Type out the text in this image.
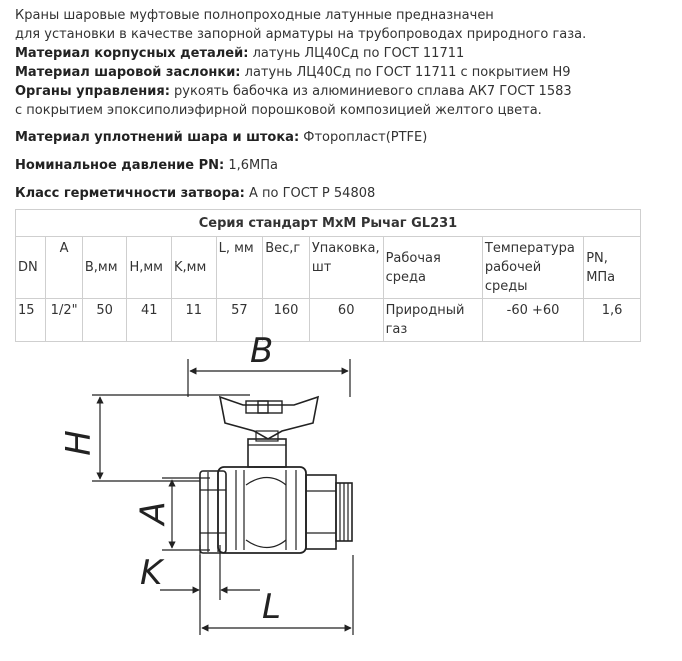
Краны шаровые муфтовые полнопроходные латунные предназначен

для установки в качестве запорной арматуры на трубопроводах природного газа.

Материал корпусных деталей: латунь ЛЦ40Сд по ГОСТ 11711

Материал шаровой заслонки: латунь ЛЦ40Сд по ГОСТ 11711 с покрытием Н9

Органы управления: рукоять бабочка из алюминиевого сплава АК7 ГОСТ 1583

с покрытием эпоксиполиэфирной порошковой композицией желтого цвета.

Материал уплотнений шара и штока: Фторопласт(PTFE)

Номинальное давление PN: 1,6МПа

Класс герметичности затвора: А по ГОСТ Р 54808

Серия стандарт МхМ Рычаг GL231										
DN	A	B,мм	H,мм	K,мм	L, мм	Вес,г	Упаковка, шт	Рабочая среда	Температура рабочей среды	PN, МПа
15	1/2"	50	41	11	57	160	60	Природный газ	-60 +60	1,6
B
H
A
K
L
